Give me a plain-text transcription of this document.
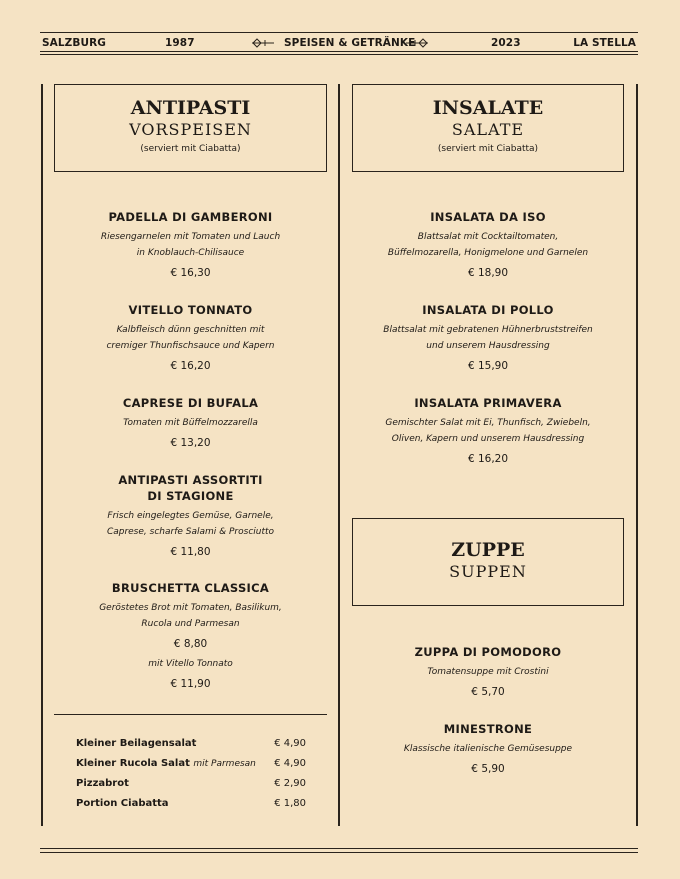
SALZBURG	1987	SPEISEN & GETRÄNKE	2023	LA STELLA
ANTIPASTI
VORSPEISEN
(serviert mit Ciabatta)
INSALATE
SALATE
(serviert mit Ciabatta)
PADELLA DI GAMBERONI
Riesengarnelen mit Tomaten und Lauch
in Knoblauch-Chilisauce
€ 16,30
VITELLO TONNATO
Kalbfleisch dünn geschnitten mit
cremiger Thunfischsauce und Kapern
€ 16,20
CAPRESE DI BUFALA
Tomaten mit Büffelmozzarella
€ 13,20
ANTIPASTI ASSORTITI
DI STAGIONE
Frisch eingelegtes Gemüse, Garnele,
Caprese, scharfe Salami & Prosciutto
€ 11,80
BRUSCHETTA CLASSICA
Geröstetes Brot mit Tomaten, Basilikum,
Rucola und Parmesan
€ 8,80
mit Vitello Tonnato
€ 11,90
Kleiner Beilagensalat	€ 4,90
Kleiner Rucola Salat mit Parmesan € 4,90
Pizzabrot	€ 2,90
Portion Ciabatta	€ 1,80
INSALATA DA ISO
Blattsalat mit Cocktailtomaten,
Büffelmozarella, Honigmelone und Garnelen
€ 18,90
INSALATA DI POLLO
Blattsalat mit gebratenen Hühnerbruststreifen
und unserem Hausdressing
€ 15,90
INSALATA PRIMAVERA
Gemischter Salat mit Ei, Thunfisch, Zwiebeln,
Oliven, Kapern und unserem Hausdressing
€ 16,20
ZUPPE
SUPPEN
ZUPPA DI POMODORO
Tomatensuppe mit Crostini
€ 5,70
MINESTRONE
Klassische italienische Gemüsesuppe
€ 5,90
